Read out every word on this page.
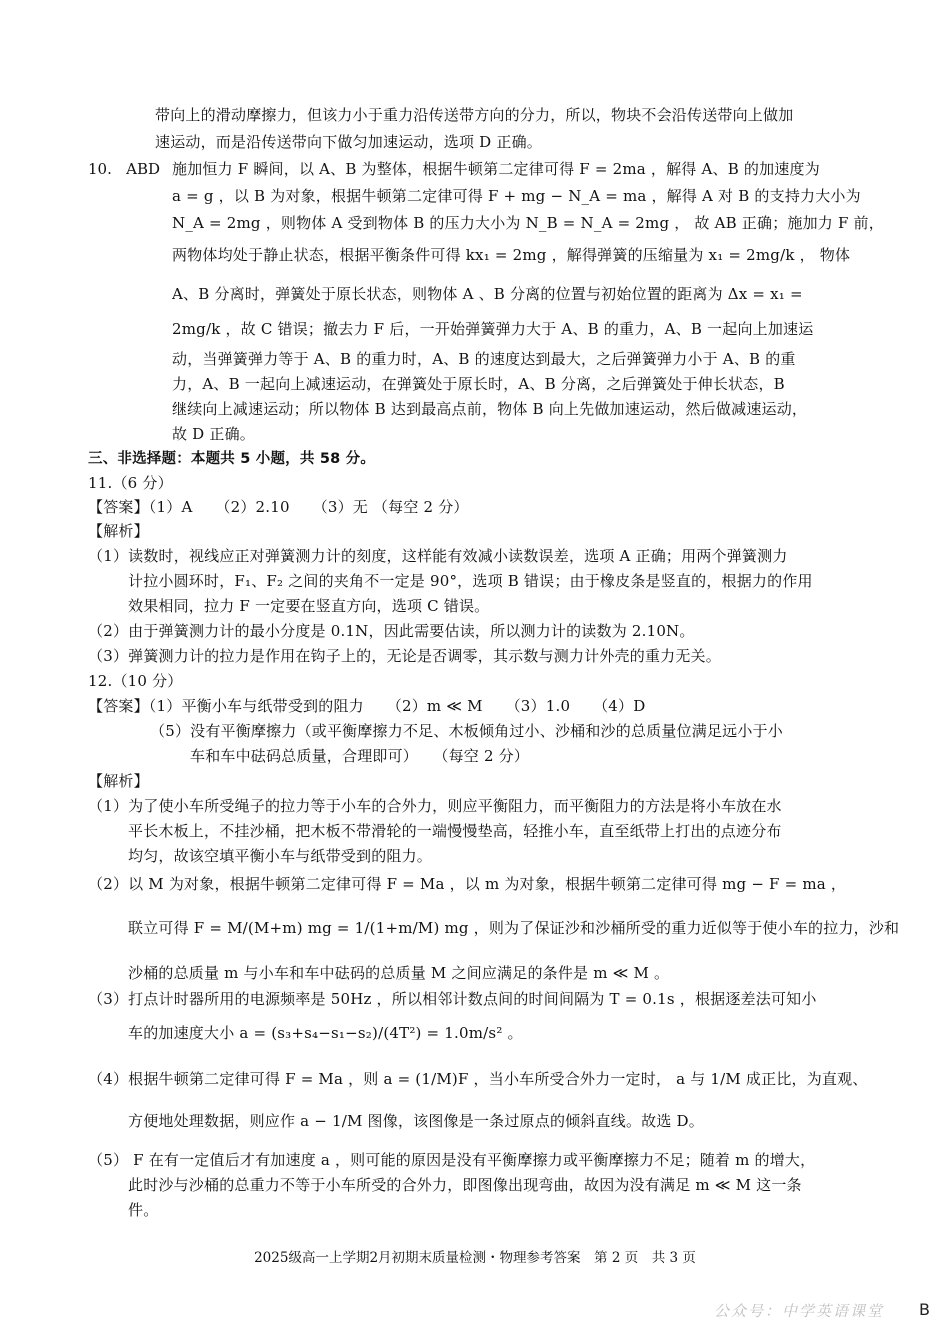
带向上的滑动摩擦力，但该力小于重力沿传送带方向的分力，所以，物块不会沿传送带向上做加
速运动，而是沿传送带向下做匀加速运动，选项 D 正确。
10. ABD 施加恒力 F 瞬间，以 A、B 为整体，根据牛顿第二定律可得 F = 2ma ，解得 A、B 的加速度为
a = g ，以 B 为对象，根据牛顿第二定律可得 F + mg − N_A = ma ，解得 A 对 B 的支持力大小为
N_A = 2mg ，则物体 A 受到物体 B 的压力大小为 N_B = N_A = 2mg ， 故 AB 正确；施加力 F 前，
两物体均处于静止状态，根据平衡条件可得 kx₁ = 2mg ，解得弹簧的压缩量为 x₁ = 2mg/k ， 物体
A、B 分离时，弹簧处于原长状态，则物体 A 、B 分离的位置与初始位置的距离为 Δx = x₁ =
2mg/k ，故 C 错误；撤去力 F 后，一开始弹簧弹力大于 A、B 的重力，A、B 一起向上加速运
动，当弹簧弹力等于 A、B 的重力时，A、B 的速度达到最大，之后弹簧弹力小于 A、B 的重
力，A、B 一起向上减速运动，在弹簧处于原长时，A、B 分离，之后弹簧处于伸长状态，B
继续向上减速运动；所以物体 B 达到最高点前，物体 B 向上先做加速运动，然后做减速运动，
故 D 正确。
三、非选择题：本题共 5 小题，共 58 分。
11.（6 分）
【答案】（1）A　　（2）2.10　　（3）无 （每空 2 分）
【解析】
（1）读数时，视线应正对弹簧测力计的刻度，这样能有效减小读数误差，选项 A 正确；用两个弹簧测力
计拉小圆环时，F₁、F₂ 之间的夹角不一定是 90°，选项 B 错误；由于橡皮条是竖直的，根据力的作用
效果相同，拉力 F 一定要在竖直方向，选项 C 错误。
（2）由于弹簧测力计的最小分度是 0.1N，因此需要估读，所以测力计的读数为 2.10N。
（3）弹簧测力计的拉力是作用在钩子上的，无论是否调零，其示数与测力计外壳的重力无关。
12.（10 分）
【答案】（1）平衡小车与纸带受到的阻力　　（2）m ≪ M　　（3）1.0　　（4）D
（5）没有平衡摩擦力（或平衡摩擦力不足、木板倾角过小、沙桶和沙的总质量位满足远小于小
车和车中砝码总质量，合理即可）　　（每空 2 分）
【解析】
（1）为了使小车所受绳子的拉力等于小车的合外力，则应平衡阻力，而平衡阻力的方法是将小车放在水
平长木板上，不挂沙桶，把木板不带滑轮的一端慢慢垫高，轻推小车，直至纸带上打出的点迹分布
均匀，故该空填平衡小车与纸带受到的阻力。
（2）以 M 为对象，根据牛顿第二定律可得 F = Ma ，以 m 为对象，根据牛顿第二定律可得 mg − F = ma ，
联立可得 F = M/(M+m) mg = 1/(1+m/M) mg ，则为了保证沙和沙桶所受的重力近似等于使小车的拉力，沙和
沙桶的总质量 m 与小车和车中砝码的总质量 M 之间应满足的条件是 m ≪ M 。
（3）打点计时器所用的电源频率是 50Hz ，所以相邻计数点间的时间间隔为 T = 0.1s ，根据逐差法可知小
车的加速度大小 a = (s₃+s₄−s₁−s₂)/(4T²) = 1.0m/s² 。
（4）根据牛顿第二定律可得 F = Ma ，则 a = (1/M)F ，当小车所受合外力一定时， a 与 1/M 成正比，为直观、
方便地处理数据，则应作 a − 1/M 图像，该图像是一条过原点的倾斜直线。故选 D。
（5） F 在有一定值后才有加速度 a ，则可能的原因是没有平衡摩擦力或平衡摩擦力不足；随着 m 的增大，
此时沙与沙桶的总重力不等于小车所受的合外力，即图像出现弯曲，故因为没有满足 m ≪ M 这一条
件。
2025级高一上学期2月初期末质量检测・物理参考答案　第 2 页　共 3 页
公众号：中学英语课堂 B
